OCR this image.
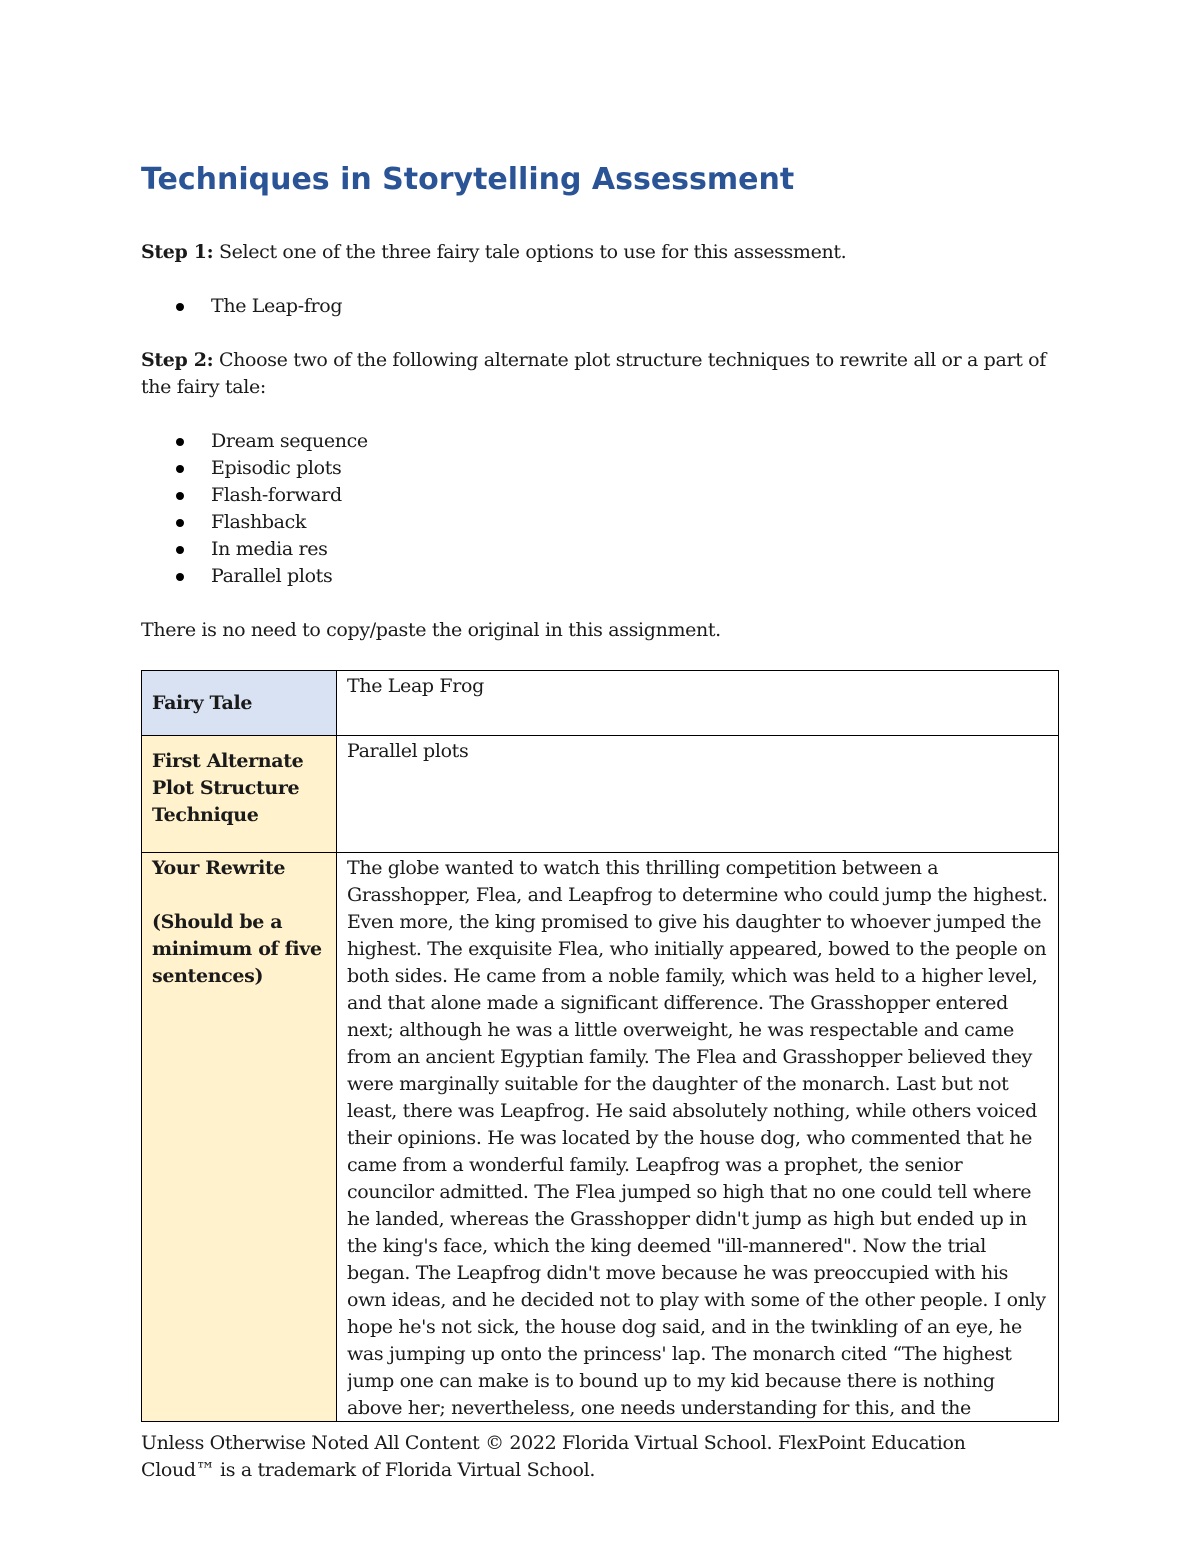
Techniques in Storytelling Assessment

Step 1: Select one of the three fairy tale options to use for this assessment.

The Leap-frog

Step 2: Choose two of the following alternate plot structure techniques to rewrite all or a part of the fairy tale:

Dream sequence
Episodic plots
Flash-forward
Flashback
In media res
Parallel plots

There is no need to copy/paste the original in this assignment.

Fairy Tale	The Leap Frog
First Alternate Plot Structure Technique	Parallel plots

Your Rewrite
(Should be a minimum of five sentences)	The globe wanted to watch this thrilling competition between a Grasshopper, Flea, and Leapfrog to determine who could jump the highest. Even more, the king promised to give his daughter to whoever jumped the highest. The exquisite Flea, who initially appeared, bowed to the people on both sides. He came from a noble family, which was held to a higher level, and that alone made a significant difference. The Grasshopper entered next; although he was a little overweight, he was respectable and came from an ancient Egyptian family. The Flea and Grasshopper believed they were marginally suitable for the daughter of the monarch. Last but not least, there was Leapfrog. He said absolutely nothing, while others voiced their opinions. He was located by the house dog, who commented that he came from a wonderful family. Leapfrog was a prophet, the senior councilor admitted. The Flea jumped so high that no one could tell where he landed, whereas the Grasshopper didn't jump as high but ended up in the king's face, which the king deemed "ill-mannered". Now the trial began. The Leapfrog didn't move because he was preoccupied with his own ideas, and he decided not to play with some of the other people. I only hope he's not sick, the house dog said, and in the twinkling of an eye, he was jumping up onto the princess' lap. The monarch cited “The highest jump one can make is to bound up to my kid because there is nothing above her; nevertheless, one needs understanding for this, and the

Unless Otherwise Noted All Content © 2022 Florida Virtual School. FlexPoint Education Cloud™ is a trademark of Florida Virtual School.
